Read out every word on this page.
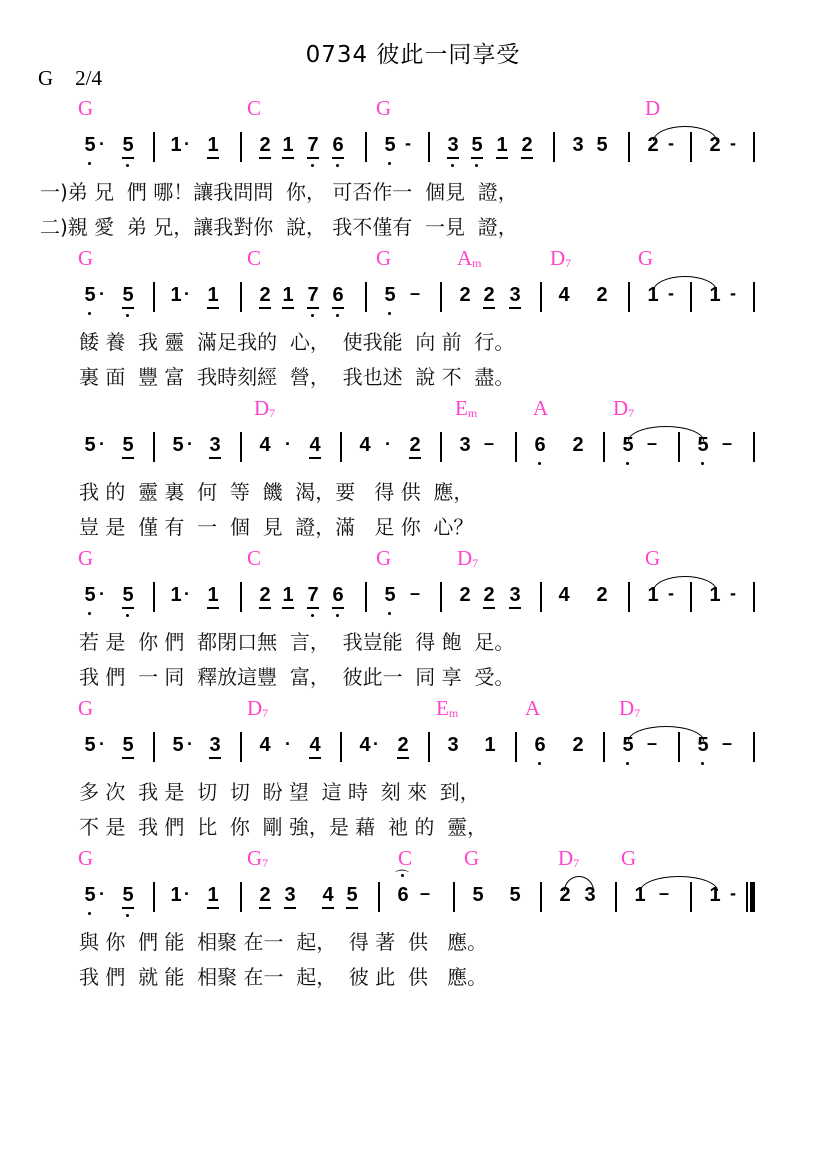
0734 彼此一同享受
G 2/4
G	C	G	D
5 · 5 1 · 1 2 1 7 6 5 - 3 5 1 2 3 5 2 - 2 -
一)弟 兄  們 哪！讓我問問  你， 可否作一  個見  證，
二)親 愛  弟 兄，讓我對你  說， 我不僅有  一見  證，
G	C	G	$A_m$	$D_7$	G
5 · 5 1 · 1 2 1 7 6 5 – 2 2 3 4 2 1 - 1 -
餧 養  我 靈  滿足我的  心，  使我能  向 前  行。
裏 面  豐 富  我時刻經  營，  我也述  說 不  盡。
$D_7$	$E_m$	A	$D_7$
5 · 5 5 · 3 4 · 4 4 · 2 3 – 6 2 5 – 5 –
我 的  靈 裏  何  等  饑  渴，要   得 供  應，
豈 是  僅 有  一  個  見  證，滿   足 你  心？
G	C	G	$D_7$	G
5 · 5 1 · 1 2 1 7 6 5 – 2 2 3 4 2 1 - 1 -
若 是  你 們  都閉口無  言，  我豈能  得 飽  足。
我 們  一 同  釋放這豐  富，  彼此一  同 享  受。
G	$D_7$	$E_m$	A	$D_7$
5 · 5 5 · 3 4 · 4 4 · 2 3 1 6 2 5 – 5 –
多 次  我 是  切  切  盼 望  這 時  刻 來  到，
不 是  我 們  比  你  剛 強，是 藉  祂 的  靈，
G	$G_7$	C G	$D_7$ G
5 · 5 1 · 1 2 3 4 5 ⌒ 6 – 5 5 2 3 1 – 1 -
與 你  們 能  相聚 在一  起，  得 著  供   應。
我 們  就 能  相聚 在一  起，  彼 此  供   應。
